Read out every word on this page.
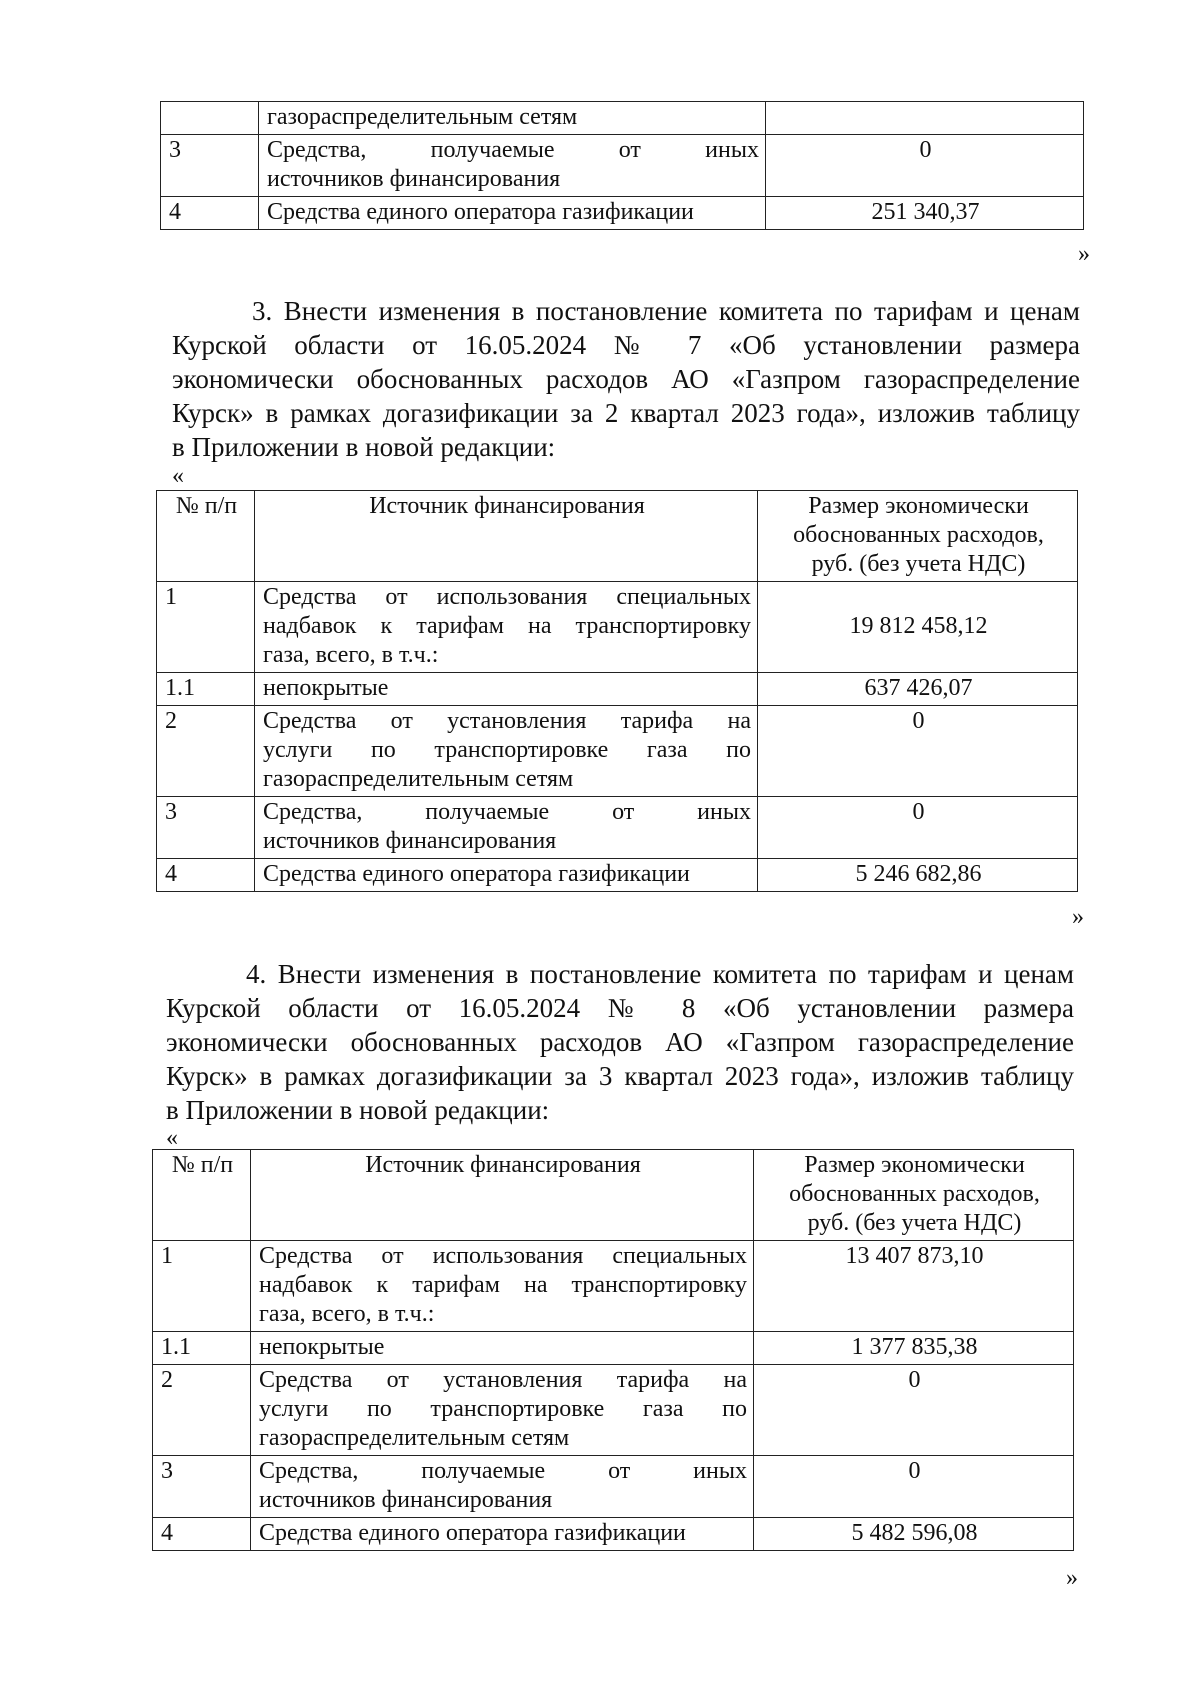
	газораспределительным сетям	

3	Средства, получаемые от иных
источников финансирования	0
4	Средства единого оператора газификации	251 340,37
»
3. Внести изменения в постановление комитета по тарифам и ценам
Курской области от 16.05.2024 № 7 «Об установлении размера
экономически обоснованных расходов АО «Газпром газораспределение
Курск» в рамках догазификации за 2 квартал 2023 года», изложив таблицу
в Приложении в новой редакции:
«
№ п/п	Источник финансирования	Размер экономически
обоснованных расходов,
руб. (без учета НДС)

1	Средства от использования специальных
надбавок к тарифам на транспортировку
газа, всего, в т.ч.:	19 812 458,12
1.1	непокрытые	637 426,07
2	Средства от установления тарифа на
услуги по транспортировке газа по
газораспределительным сетям	0
3	Средства, получаемые от иных
источников финансирования	0
4	Средства единого оператора газификации	5 246 682,86
»
4. Внести изменения в постановление комитета по тарифам и ценам
Курской области от 16.05.2024 № 8 «Об установлении размера
экономически обоснованных расходов АО «Газпром газораспределение
Курск» в рамках догазификации за 3 квартал 2023 года», изложив таблицу
в Приложении в новой редакции:
«
№ п/п	Источник финансирования	Размер экономически
обоснованных расходов,
руб. (без учета НДС)

1	Средства от использования специальных
надбавок к тарифам на транспортировку
газа, всего, в т.ч.:	13 407 873,10
1.1	непокрытые	1 377 835,38
2	Средства от установления тарифа на
услуги по транспортировке газа по
газораспределительным сетям	0
3	Средства, получаемые от иных
источников финансирования	0
4	Средства единого оператора газификации	5 482 596,08
»
